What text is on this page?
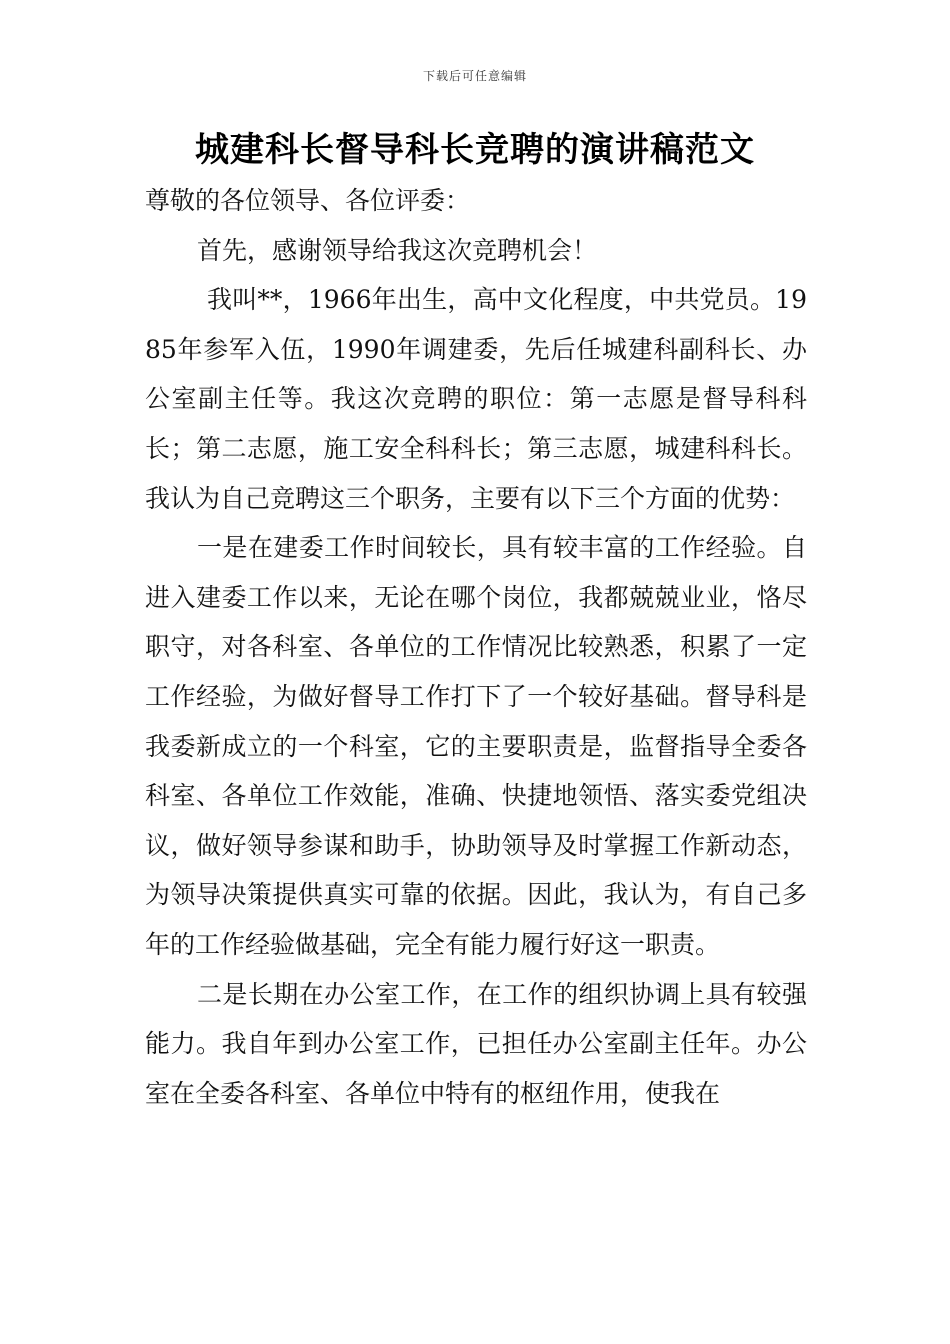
下载后可任意编辑
城建科长督导科长竞聘的演讲稿范文

尊敬的各位领导、各位评委：

首先，感谢领导给我这次竞聘机会！

我叫**，1966年出生，高中文化程度，中共党员。1985年参军入伍，1990年调建委，先后任城建科副科长、办公室副主任等。我这次竞聘的职位：第一志愿是督导科科长；第二志愿，施工安全科科长；第三志愿，城建科科长。我认为自己竞聘这三个职务，主要有以下三个方面的优势：

一是在建委工作时间较长，具有较丰富的工作经验。自进入建委工作以来，无论在哪个岗位，我都兢兢业业，恪尽职守，对各科室、各单位的工作情况比较熟悉，积累了一定工作经验，为做好督导工作打下了一个较好基础。督导科是我委新成立的一个科室，它的主要职责是，监督指导全委各科室、各单位工作效能，准确、快捷地领悟、落实委党组决议，做好领导参谋和助手，协助领导及时掌握工作新动态，为领导决策提供真实可靠的依据。因此，我认为，有自己多年的工作经验做基础，完全有能力履行好这一职责。

二是长期在办公室工作，在工作的组织协调上具有较强能力。我自年到办公室工作，已担任办公室副主任年。办公室在全委各科室、各单位中特有的枢纽作用，使我在
